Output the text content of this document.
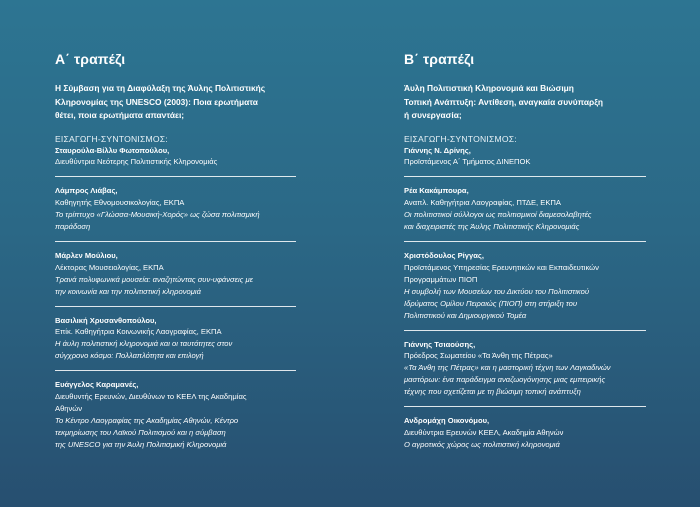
Α΄ τραπέζι
Η Σύμβαση για τη Διαφύλαξη της Άυλης Πολιτιστικής
Κληρονομίας της UNESCO (2003): Ποια ερωτήματα
θέτει, ποια ερωτήματα απαντάει;
ΕΙΣΑΓΩΓΗ-ΣΥΝΤΟΝΙΣΜΟΣ:
Σταυρούλα-Βίλλυ Φωτοπούλου,
Διευθύντρια Νεότερης Πολιτιστικής Κληρονομιάς
Λάμπρος Λιάβας,
Καθηγητής Εθνομουσικολογίας, ΕΚΠΑ
Το τρίπτυχο «Γλώσσα-Μουσική-Χορός» ως ζώσα πολιτισμική
παράδοση
Μάρλεν Μούλιου,
Λέκτορας Μουσειολογίας, ΕΚΠΑ
Τρανά πολυφωνικά μουσεία: αναζητώντας συν-υφάνσεις με
την κοινωνία και την πολιτιστική κληρονομιά
Βασιλική Χρυσανθοπούλου,
Επίκ. Καθηγήτρια Κοινωνικής Λαογραφίας, ΕΚΠΑ
Η άυλη πολιτιστική κληρονομιά και οι ταυτότητες στον
σύγχρονο κόσμο: Πολλαπλότητα και επιλογή
Ευάγγελος Καραμανές,
Διευθυντής Ερευνών, Διευθύνων το ΚΕΕΛ της Ακαδημίας
Αθηνών
Το Κέντρο Λαογραφίας της Ακαδημίας Αθηνών, Κέντρο
τεκμηρίωσης του Λαϊκού Πολιτισμού και η σύμβαση
της UNESCO για την Άυλη Πολιτισμική Κληρονομιά
Β΄ τραπέζι
Άυλη Πολιτιστική Κληρονομιά και Βιώσιμη
Τοπική Ανάπτυξη: Αντίθεση, αναγκαία συνύπαρξη
ή συνεργασία;
ΕΙΣΑΓΩΓΗ-ΣΥΝΤΟΝΙΣΜΟΣ:
Γιάννης Ν. Δρίνης,
Προϊστάμενος Α΄ Τμήματος ΔΙΝΕΠΟΚ
Ρέα Κακάμπουρα,
Αναπλ. Καθηγήτρια Λαογραφίας, ΠΤΔΕ, ΕΚΠΑ
Οι πολιτιστικοί σύλλογοι ως πολιτισμικοί διαμεσολαβητές
και διαχειριστές της Άυλης Πολιτιστικής Κληρονομιάς
Χριστόδουλος Ρίγγας,
Προϊστάμενος Υπηρεσίας Ερευνητικών και Εκπαιδευτικών
Προγραμμάτων ΠΙΟΠ
Η συμβολή των Μουσείων του Δικτύου του Πολιτιστικού
Ιδρύματος Ομίλου Πειραιώς (ΠΙΟΠ) στη στήριξη του
Πολιτιστικού και Δημιουργικού Τομέα
Γιάννης Τσιαούσης,
Πρόεδρος Σωματείου «Τα Άνθη της Πέτρας»
«Τα Άνθη της Πέτρας» και η μαστορική τέχνη των Λαγκαδινών
μαστόρων: ένα παράδειγμα αναζωογόνησης μιας εμπειρικής
τέχνης που σχετίζεται με τη βιώσιμη τοπική ανάπτυξη
Ανδρομάχη Οικονόμου,
Διευθύντρια Ερευνών ΚΕΕΛ, Ακαδημία Αθηνών
Ο αγροτικός χώρος ως πολιτιστική κληρονομιά
